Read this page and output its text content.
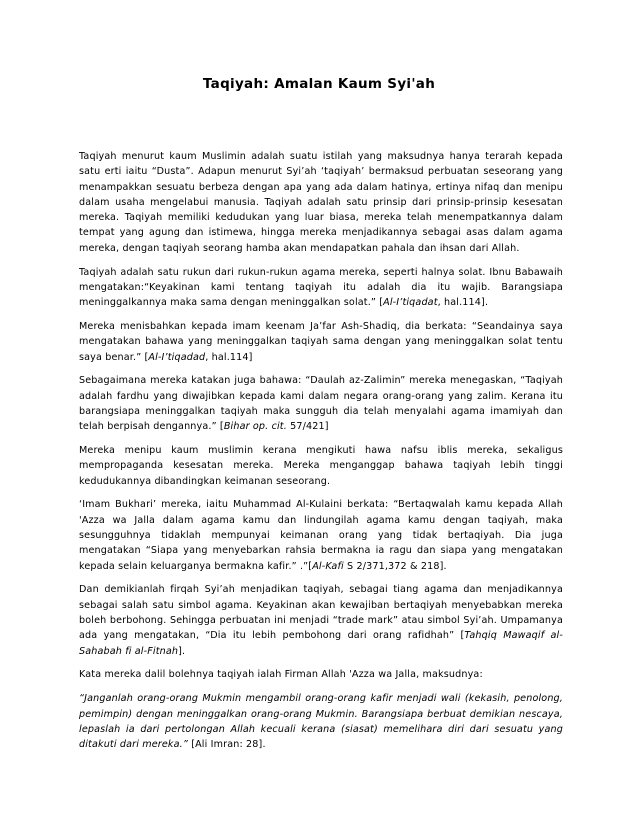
Taqiyah: Amalan Kaum Syi'ah

Taqiyah menurut kaum Muslimin adalah suatu istilah yang maksudnya hanya terarah kepada satu erti iaitu “Dusta”. Adapun menurut Syi’ah ‘taqiyah’ bermaksud perbuatan seseorang yang menampakkan sesuatu berbeza dengan apa yang ada dalam hatinya, ertinya nifaq dan menipu dalam usaha mengelabui manusia. Taqiyah adalah satu prinsip dari prinsip-prinsip kesesatan mereka. Taqiyah memiliki kedudukan yang luar biasa, mereka telah menempatkannya dalam tempat yang agung dan istimewa, hingga mereka menjadikannya sebagai asas dalam agama mereka, dengan taqiyah seorang hamba akan mendapatkan pahala dan ihsan dari Allah.

Taqiyah adalah satu rukun dari rukun-rukun agama mereka, seperti halnya solat. Ibnu Babawaih mengatakan:“Keyakinan kami tentang taqiyah itu adalah dia itu wajib. Barangsiapa meninggalkannya maka sama dengan meninggalkan solat.” [Al-I’tiqadat, hal.114].

Mereka menisbahkan kepada imam keenam Ja’far Ash-Shadiq, dia berkata: “Seandainya saya mengatakan bahawa yang meninggalkan taqiyah sama dengan yang meninggalkan solat tentu saya benar.” [Al-I’tiqadad, hal.114]

Sebagaimana mereka katakan juga bahawa: “Daulah az-Zalimin” mereka menegaskan, “Taqiyah adalah fardhu yang diwajibkan kepada kami dalam negara orang-orang yang zalim. Kerana itu barangsiapa meninggalkan taqiyah maka sungguh dia telah menyalahi agama imamiyah dan telah berpisah dengannya.” [Bihar op. cit. 57/421]

Mereka menipu kaum muslimin kerana mengikuti hawa nafsu iblis mereka, sekaligus mempropaganda kesesatan mereka. Mereka menganggap bahawa taqiyah lebih tinggi kedudukannya dibandingkan keimanan seseorang.

‘Imam Bukhari’ mereka, iaitu Muhammad Al-Kulaini berkata: “Bertaqwalah kamu kepada Allah 'Azza wa Jalla dalam agama kamu dan lindungilah agama kamu dengan taqiyah, maka sesungguhnya tidaklah mempunyai keimanan orang yang tidak bertaqiyah. Dia juga mengatakan “Siapa yang menyebarkan rahsia bermakna ia ragu dan siapa yang mengatakan kepada selain keluarganya bermakna kafir.” .”[Al-Kafi S 2/371,372 & 218].

Dan demikianlah firqah Syi’ah menjadikan taqiyah, sebagai tiang agama dan menjadikannya sebagai salah satu simbol agama. Keyakinan akan kewajiban bertaqiyah menyebabkan mereka boleh berbohong. Sehingga perbuatan ini menjadi “trade mark” atau simbol Syi’ah. Umpamanya ada yang mengatakan, “Dia itu lebih pembohong dari orang rafidhah” [Tahqiq Mawaqif al-Sahabah fi al-Fitnah].

Kata mereka dalil bolehnya taqiyah ialah Firman Allah 'Azza wa Jalla, maksudnya:

“Janganlah orang-orang Mukmin mengambil orang-orang kafir menjadi wali (kekasih, penolong, pemimpin) dengan meninggalkan orang-orang Mukmin. Barangsiapa berbuat demikian nescaya, lepaslah ia dari pertolongan Allah kecuali kerana (siasat) memelihara diri dari sesuatu yang ditakuti dari mereka.” [Ali Imran: 28].
